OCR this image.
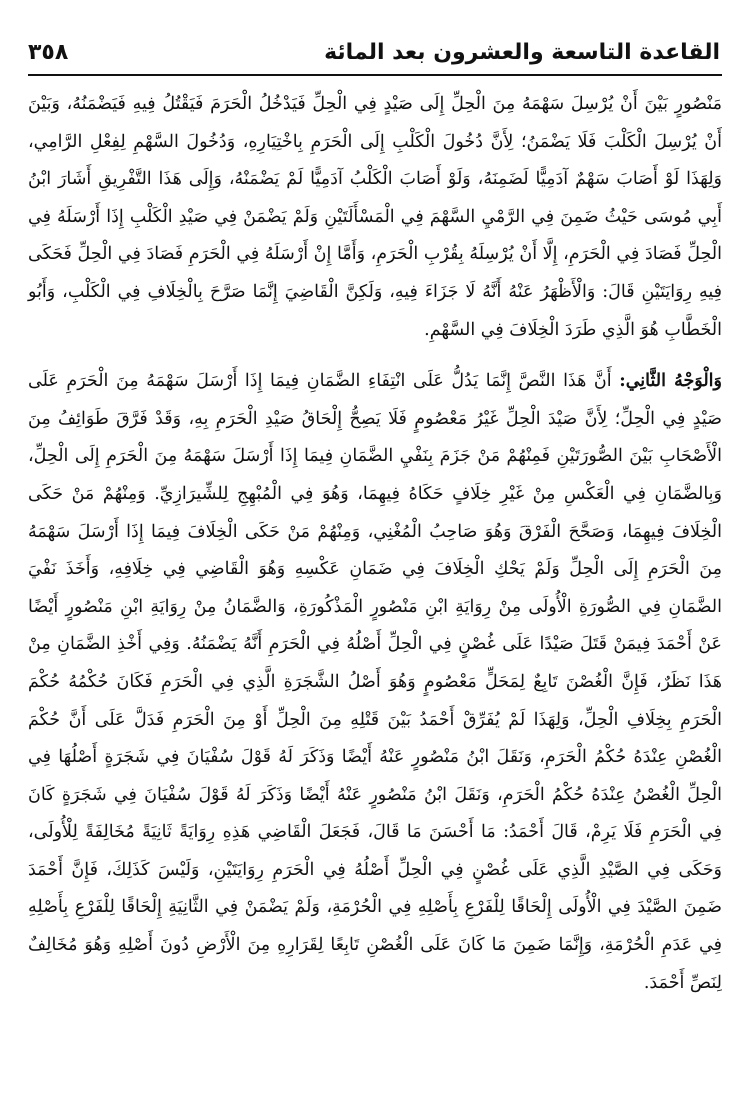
القاعدة التاسعة والعشرون بعد المائة
٣٥٨

مَنْصُورٍ بَيْنَ أَنْ يُرْسِلَ سَهْمَهُ مِنَ الْحِلِّ إِلَى صَيْدٍ فِي الْحِلِّ فَيَدْخُلُ الْحَرَمَ فَيَقْتُلُ فِيهِ فَيَضْمَنُهُ، وَبَيْنَ أَنْ يُرْسِلَ الْكَلْبَ فَلَا يَضْمَنُ؛ لِأَنَّ دُخُولَ الْكَلْبِ إِلَى الْحَرَمِ بِاخْتِيَارِهِ، وَدُخُولَ السَّهْمِ لِفِعْلِ الرَّامِي، وَلِهَذَا لَوْ أَصَابَ سَهْمٌ آدَمِيًّا لَضَمِنَهُ، وَلَوْ أَصَابَ الْكَلْبُ آدَمِيًّا لَمْ يَضْمَنْهُ، وَإِلَى هَذَا التَّفْرِيقِ أَشَارَ ابْنُ أَبِي مُوسَى حَيْثُ ضَمِنَ فِي الرَّمْيِ السَّهْمَ فِي الْمَسْأَلَتَيْنِ وَلَمْ يَضْمَنْ فِي صَيْدِ الْكَلْبِ إِذَا أَرْسَلَهُ فِي الْحِلِّ فَصَادَ فِي الْحَرَمِ، إِلَّا أَنْ يُرْسِلَهُ بِقُرْبِ الْحَرَمِ، وَأَمَّا إِنْ أَرْسَلَهُ فِي الْحَرَمِ فَصَادَ فِي الْحِلِّ فَحَكَى فِيهِ رِوَايَتَيْنِ قَالَ: وَالْأَظْهَرُ عَنْهُ أَنَّهُ لَا جَزَاءَ فِيهِ، وَلَكِنَّ الْقَاضِيَ إِنَّمَا صَرَّحَ بِالْخِلَافِ فِي الْكَلْبِ، وَأَبُو الْخَطَّابِ هُوَ الَّذِي طَرَدَ الْخِلَافَ فِي السَّهْمِ.

وَالْوَجْهُ الثَّانِي: أَنَّ هَذَا النَّصَّ إِنَّمَا يَدُلُّ عَلَى انْتِفَاءِ الضَّمَانِ فِيمَا إِذَا أَرْسَلَ سَهْمَهُ مِنَ الْحَرَمِ عَلَى صَيْدٍ فِي الْحِلِّ؛ لِأَنَّ صَيْدَ الْحِلِّ غَيْرُ مَعْصُومٍ فَلَا يَصِحُّ إِلْحَاقُ صَيْدِ الْحَرَمِ بِهِ، وَقَدْ فَرَّقَ طَوَائِفُ مِنَ الْأَصْحَابِ بَيْنَ الصُّورَتَيْنِ فَمِنْهُمْ مَنْ جَزَمَ بِنَفْيِ الضَّمَانِ فِيمَا إِذَا أَرْسَلَ سَهْمَهُ مِنَ الْحَرَمِ إِلَى الْحِلِّ، وَبِالضَّمَانِ فِي الْعَكْسِ مِنْ غَيْرِ خِلَافٍ حَكَاهُ فِيهِمَا، وَهُوَ فِي الْمُبْهِجِ لِلشِّيرَازِيِّ. وَمِنْهُمْ مَنْ حَكَى الْخِلَافَ فِيهِمَا، وَصَحَّحَ الْفَرْقَ وَهُوَ صَاحِبُ الْمُغْنِي، وَمِنْهُمْ مَنْ حَكَى الْخِلَافَ فِيمَا إِذَا أَرْسَلَ سَهْمَهُ مِنَ الْحَرَمِ إِلَى الْحِلِّ وَلَمْ يَحْكِ الْخِلَافَ فِي ضَمَانِ عَكْسِهِ وَهُوَ الْقَاضِي فِي خِلَافِهِ، وَأَخَذَ نَفْيَ الضَّمَانِ فِي الصُّورَةِ الْأُولَى مِنْ رِوَايَةِ ابْنِ مَنْصُورٍ الْمَذْكُورَةِ، وَالضَّمَانُ مِنْ رِوَايَةِ ابْنِ مَنْصُورٍ أَيْضًا عَنْ أَحْمَدَ فِيمَنْ قَتَلَ صَيْدًا عَلَى غُصْنٍ فِي الْحِلِّ أَصْلُهُ فِي الْحَرَمِ أَنَّهُ يَضْمَنُهُ. وَفِي أَخْذِ الضَّمَانِ مِنْ هَذَا نَظَرٌ، فَإِنَّ الْغُصْنَ تَابِعٌ لِمَحَلٍّ مَعْصُومٍ وَهُوَ أَصْلُ الشَّجَرَةِ الَّذِي فِي الْحَرَمِ فَكَانَ حُكْمُهُ حُكْمَ الْحَرَمِ بِخِلَافِ الْحِلِّ، وَلِهَذَا لَمْ يُفَرِّقْ أَحْمَدُ بَيْنَ قَتْلِهِ مِنَ الْحِلِّ أَوْ مِنَ الْحَرَمِ فَدَلَّ عَلَى أَنَّ حُكْمَ الْغُصْنِ عِنْدَهُ حُكْمُ الْحَرَمِ، وَنَقَلَ ابْنُ مَنْصُورٍ عَنْهُ أَيْضًا وَذَكَرَ لَهُ قَوْلَ سُفْيَانَ فِي شَجَرَةٍ أَصْلُهَا فِي الْحِلِّ الْغُصْنُ عِنْدَهُ حُكْمُ الْحَرَمِ، وَنَقَلَ ابْنُ مَنْصُورٍ عَنْهُ أَيْضًا وَذَكَرَ لَهُ قَوْلَ سُفْيَانَ فِي شَجَرَةٍ كَانَ فِي الْحَرَمِ فَلَا يَرِمْ، قَالَ أَحْمَدُ: مَا أَحْسَنَ مَا قَالَ، فَجَعَلَ الْقَاضِي هَذِهِ رِوَايَةً ثَانِيَةً مُخَالِفَةً لِلْأُولَى، وَحَكَى فِي الصَّيْدِ الَّذِي عَلَى غُصْنٍ فِي الْحِلِّ أَصْلُهُ فِي الْحَرَمِ رِوَايَتَيْنِ، وَلَيْسَ كَذَلِكَ، فَإِنَّ أَحْمَدَ ضَمِنَ الصَّيْدَ فِي الْأُولَى إِلْحَاقًا لِلْفَرْعِ بِأَصْلِهِ فِي الْحُرْمَةِ، وَلَمْ يَضْمَنْ فِي الثَّانِيَةِ إِلْحَاقًا لِلْفَرْعِ بِأَصْلِهِ فِي عَدَمِ الْحُرْمَةِ، وَإِنَّمَا ضَمِنَ مَا كَانَ عَلَى الْغُصْنِ تَابِعًا لِقَرَارِهِ مِنَ الْأَرْضِ دُونَ أَصْلِهِ وَهُوَ مُخَالِفٌ لِنَصِّ أَحْمَدَ.
